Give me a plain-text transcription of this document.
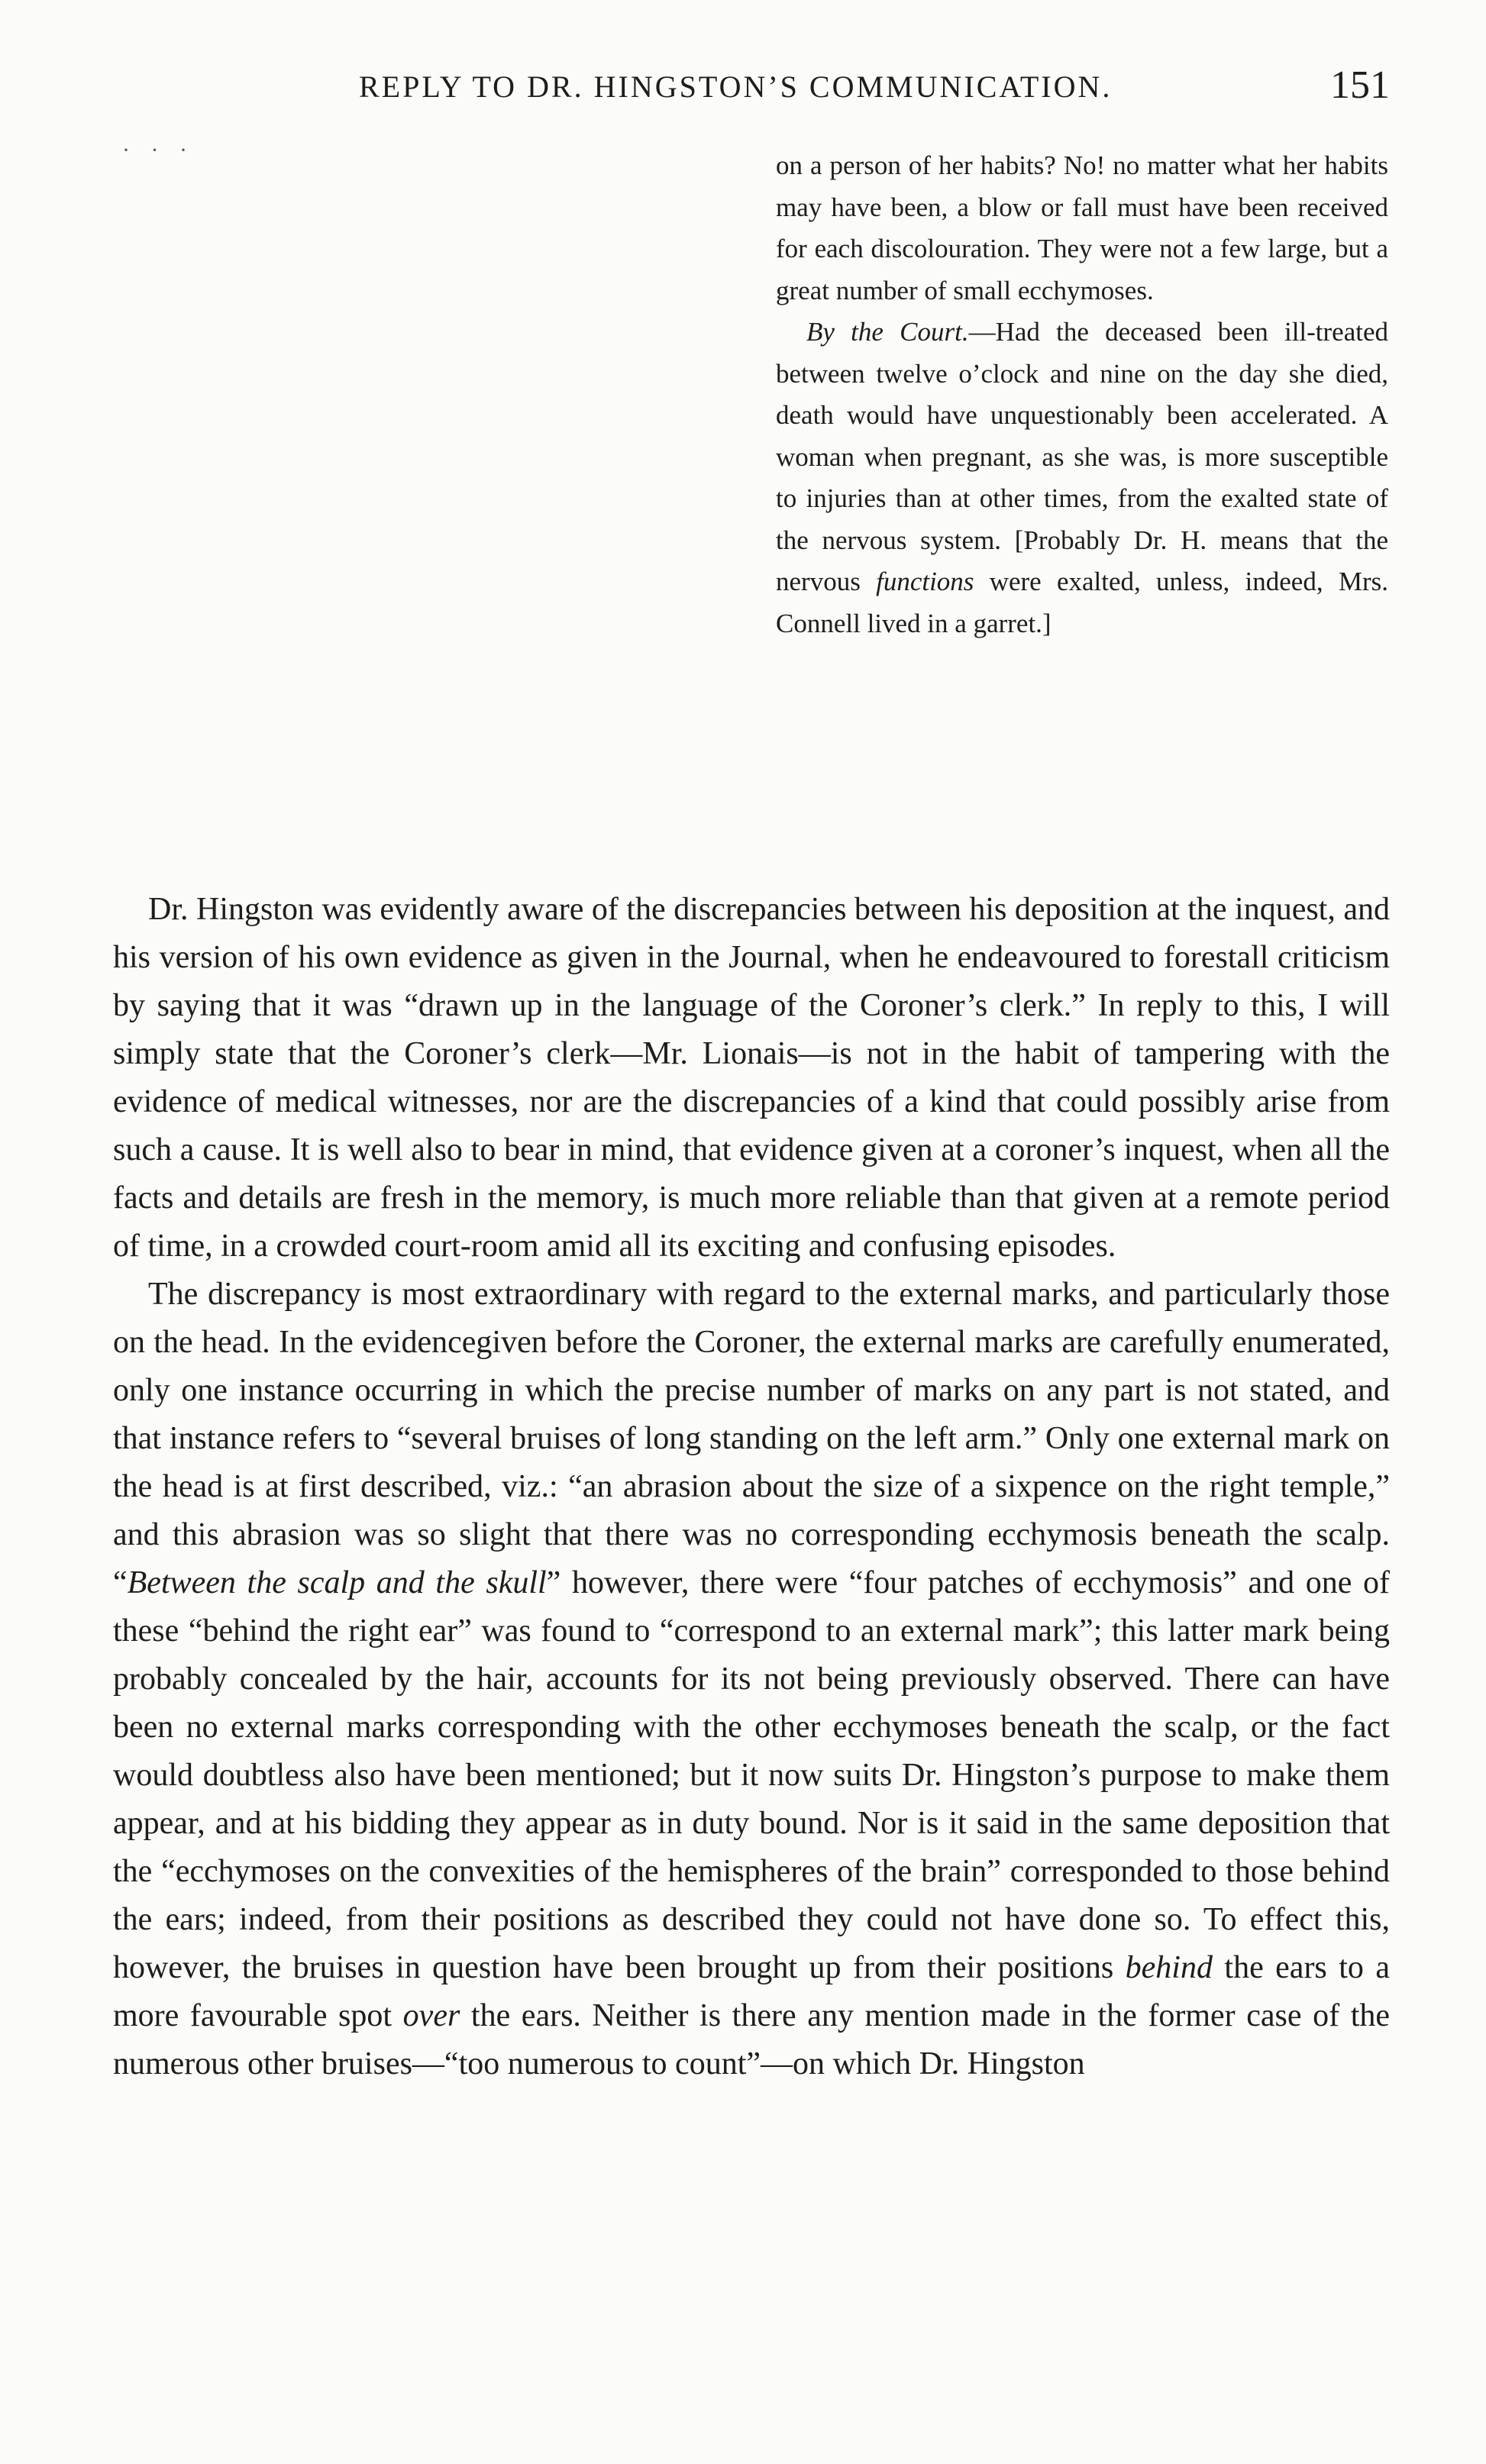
REPLY TO DR. HINGSTON’S COMMUNICATION.	151
· · ·

on a person of her habits? No! no matter what her habits may have been, a blow or fall must have been received for each discolouration. They were not a few large, but a great number of small ecchymoses.

By the Court.—Had the deceased been ill-treated between twelve o’clock and nine on the day she died, death would have unquestionably been accelerated. A woman when pregnant, as she was, is more susceptible to injuries than at other times, from the exalted state of the nervous system. [Probably Dr. H. means that the nervous functions were exalted, unless, indeed, Mrs. Connell lived in a garret.]

Dr. Hingston was evidently aware of the discrepancies between his deposition at the inquest, and his version of his own evidence as given in the Journal, when he endeavoured to forestall criticism by saying that it was “drawn up in the language of the Coroner’s clerk.” In reply to this, I will simply state that the Coroner’s clerk—Mr. Lionais—is not in the habit of tampering with the evidence of medical witnesses, nor are the discrepancies of a kind that could possibly arise from such a cause. It is well also to bear in mind, that evidence given at a coroner’s inquest, when all the facts and details are fresh in the memory, is much more reliable than that given at a remote period of time, in a crowded court-room amid all its exciting and confusing episodes.

The discrepancy is most extraordinary with regard to the external marks, and particularly those on the head. In the evidencegiven before the Coroner, the external marks are carefully enumerated, only one instance occurring in which the precise number of marks on any part is not stated, and that instance refers to “several bruises of long standing on the left arm.” Only one external mark on the head is at first described, viz.: “an abrasion about the size of a sixpence on the right temple,” and this abrasion was so slight that there was no corresponding ecchymosis beneath the scalp. “Between the scalp and the skull” however, there were “four patches of ecchymosis” and one of these “behind the right ear” was found to “correspond to an external mark”; this latter mark being probably concealed by the hair, accounts for its not being previously observed. There can have been no external marks corresponding with the other ecchymoses beneath the scalp, or the fact would doubtless also have been mentioned; but it now suits Dr. Hingston’s purpose to make them appear, and at his bidding they appear as in duty bound. Nor is it said in the same deposition that the “ecchymoses on the convexities of the hemispheres of the brain” corresponded to those behind the ears; indeed, from their positions as described they could not have done so. To effect this, however, the bruises in question have been brought up from their positions behind the ears to a more favourable spot over the ears. Neither is there any mention made in the former case of the numerous other bruises—“too numerous to count”—on which Dr. Hingston
